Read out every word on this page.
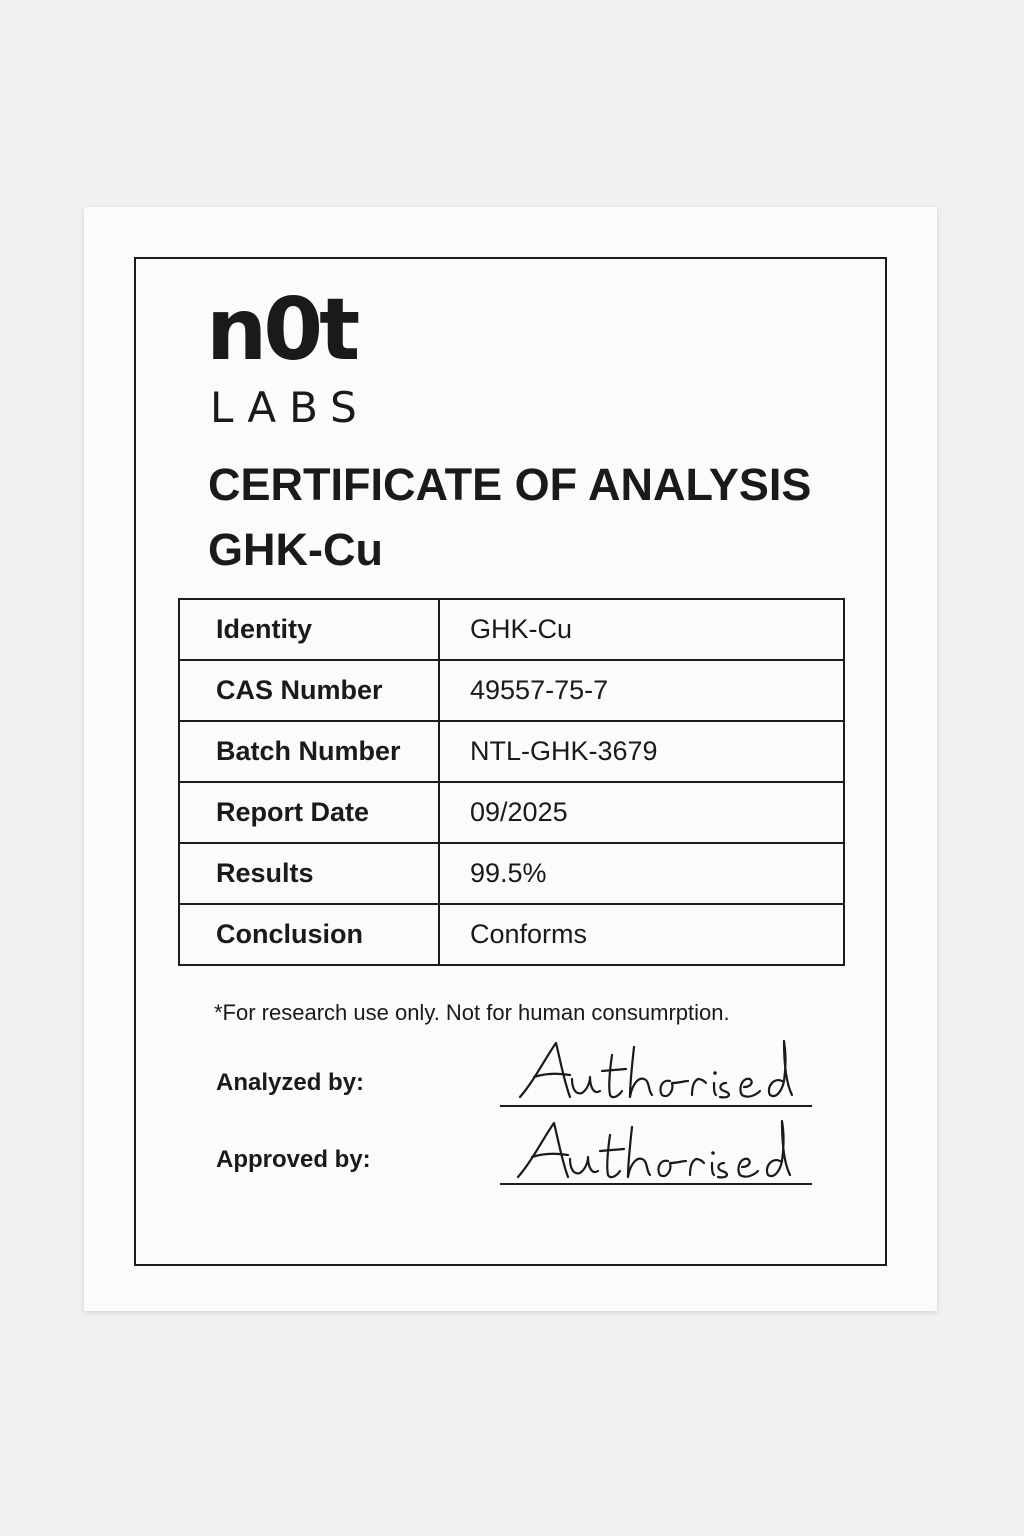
n0t
LABS
CERTIFICATE OF ANALYSIS
GHK-Cu
Identity	GHK-Cu
CAS Number	49557-75-7
Batch Number	NTL-GHK-3679
Report Date	09/2025
Results	99.5%
Conclusion	Conforms
*For research use only. Not for human consumrption.
Analyzed by:
Approved by:
